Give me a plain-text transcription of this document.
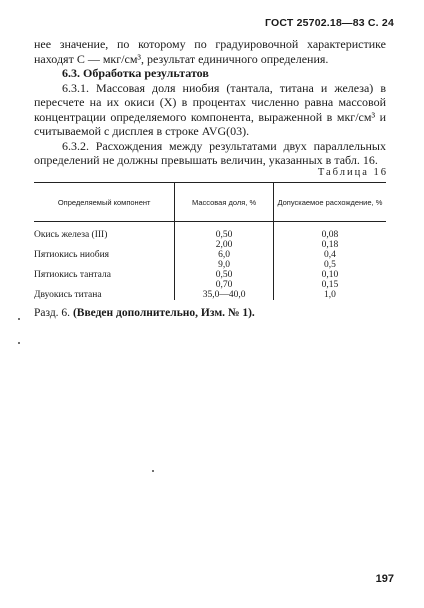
ГОСТ 25702.18—83 С. 24

нее значение, по которому по градуировочной характеристике находят С — мкг/см³, результат единичного определения.

6.3. Обработка результатов

6.3.1. Массовая доля ниобия (тантала, титана и железа) в пересчете на их окиси (X) в процентах численно равна массовой концентрации определяемого компонента, выраженной в мкг/см³ и считываемой с дисплея в строке AVG(03).

6.3.2. Расхождения между результатами двух параллельных определений не должны превышать величин, указанных в табл. 16.

Таблица 16
Определяемый компонент	Массовая доля, %	Допускаемое расхождение, %
Окись железа (III)	0,50	0,08
	2,00	0,18
Пятиокись ниобия	6,0	0,4
	9,0	0,5
Пятиокись тантала	0,50	0,10
	0,70	0,15
Двуокись титана	35,0—40,0	1,0
Разд. 6. (Введен дополнительно, Изм. № 1).
197
